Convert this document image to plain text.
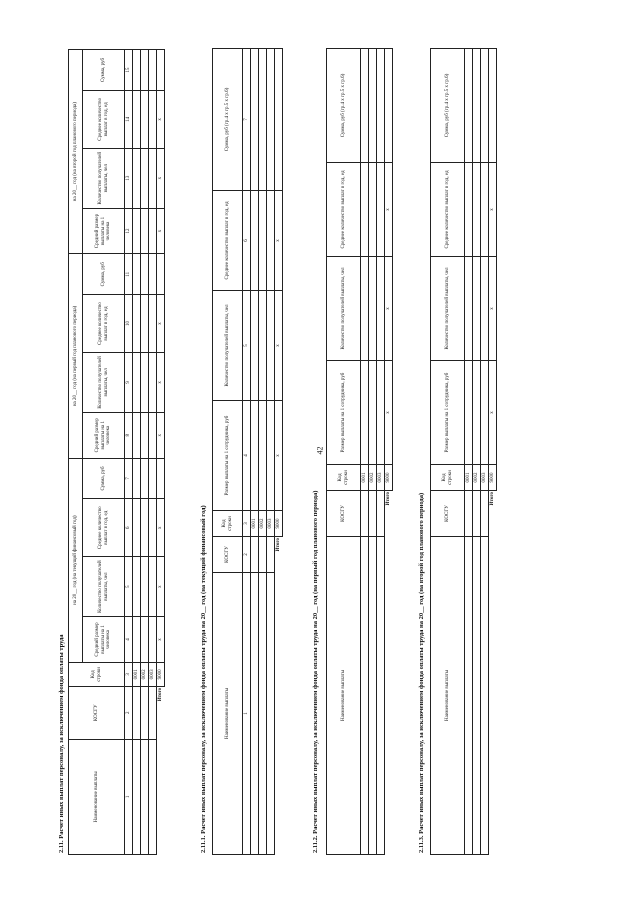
42
2.11. Расчет иных выплат персоналу, за исключением фонда оплаты труда	Наименование выплаты	КОСГУ	Код строки	на 20__ год (на текущий финансовый год)				на 20__ год (на первый год планового периода)				на 20__ год (на второй год планового периода)			
			Средний размер выплаты на 1 человека	Количество получателей выплаты, чел	Среднее количество выплат в год, ед	Сумма, руб	Средний размер выплаты на 1 человека	Количество получателей выплаты, чел	Среднее количество выплат в год, ед	Сумма, руб	Средний размер выплаты на 1 человека	Количество получателей выплаты, чел	Среднее количество выплат в год, ед	Сумма, руб
1	2	3	4	5	6	7	8	9	10	11	12	13	14	15
		0001												
		0002												
		0003												
Итого		9000	x	x	x		x	x	x		x	x	x	
2.11.1. Расчет иных выплат персоналу, за исключением фонда оплаты труда на 20__ год (на текущий финансовый год)	Наименование выплаты	КОСГУ	Код строки	Размер выплаты на 1 сотрудника, руб	Количество получателей выплаты, чел	Среднее количество выплат в год, ед	Сумма, руб (гр.4 х гр.5 х гр.6)
1	2	3	4	5	6	7
		0001				
		0002				
		0003				
Итого		9000	x	x	x	
2.11.2. Расчет иных выплат персоналу, за исключением фонда оплаты труда на 20__ год (на первый год планового периода)	Наименование выплаты	КОСГУ	Код строки	Размер выплаты на 1 сотрудника, руб	Количество получателей выплаты, чел	Среднее количество выплат в год, ед	Сумма, руб (гр.4 х гр.5 х гр.6)
		0001				
		0002				
		0003				
Итого		9000	x	x	x	
2.11.3. Расчет иных выплат персоналу, за исключением фонда оплаты труда на 20__ год (на второй год планового периода)	Наименование выплаты	КОСГУ	Код строки	Размер выплаты на 1 сотрудника, руб	Количество получателей выплаты, чел	Среднее количество выплат в год, ед	Сумма, руб (гр.4 х гр.5 х гр.6)
		0001				
		0002				
		0003				
Итого		9000	x	x	x	
